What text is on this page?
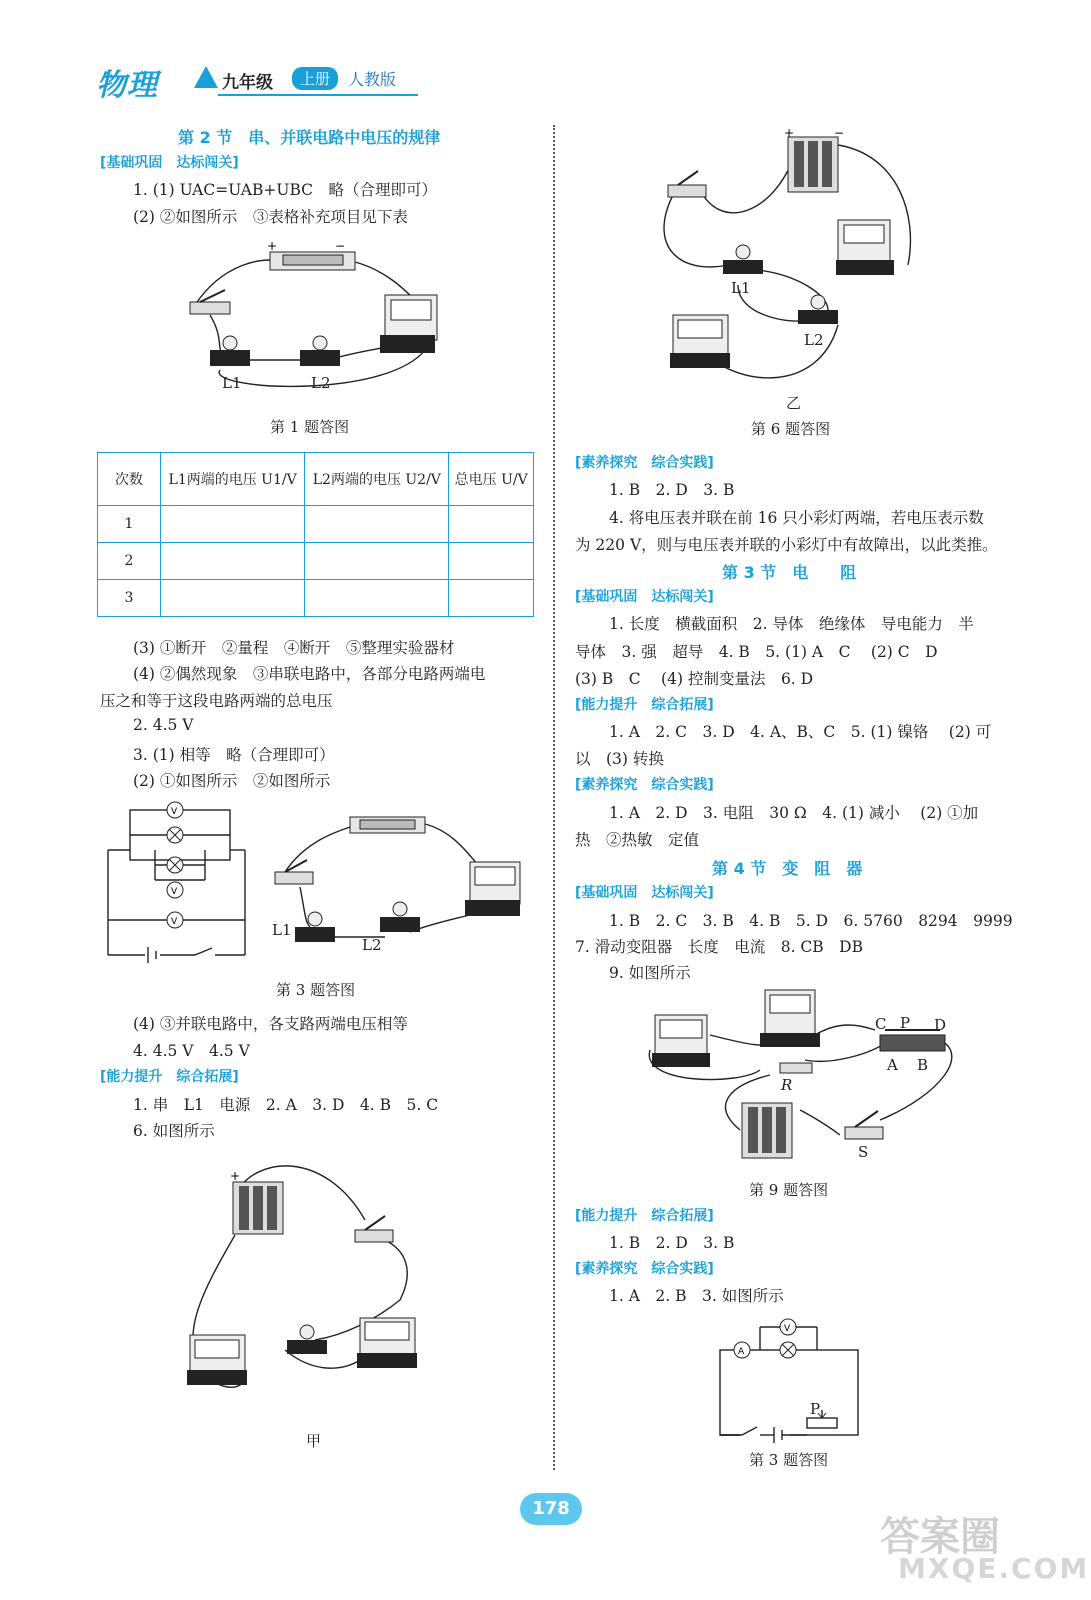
物理	九年级	上册	人教版
第 2 节　串、并联电路中电压的规律
[基础巩固　达标闯关]
1. (1) UAC=UAB+UBC　略（合理即可）
(2) ②如图所示　③表格补充项目见下表
+	−
L1	L2
第 1 题答图
次数	L1两端的电压 U1/V	L2两端的电压 U2/V	总电压 U/V
1			
2			
3			
(3) ①断开　②量程　④断开　⑤整理实验器材
(4) ②偶然现象　③串联电路中，各部分电路两端电
压之和等于这段电路两端的总电压
2. 4.5 V
3. (1) 相等　略（合理即可）
(2) ①如图所示　②如图所示
V
V
V	L1
L2
第 3 题答图
(4) ③并联电路中，各支路两端电压相等
4. 4.5 V　4.5 V
[能力提升　综合拓展]
1. 串　L1　电源　2. A　3. D　4. B　5. C
6. 如图所示
+
甲
+	−
L1
L2
乙
第 6 题答图
[素养探究　综合实践]
1. B　2. D　3. B
4. 将电压表并联在前 16 只小彩灯两端，若电压表示数
为 220 V，则与电压表并联的小彩灯中有故障出，以此类推。
第 3 节　电　　阻
[基础巩固　达标闯关]
1. 长度　横截面积　2. 导体　绝缘体　导电能力　半
导体　3. 强　超导　4. B　5. (1) A　C　 (2) C　D
(3) B　C　 (4) 控制变量法　6. D
[能力提升　综合拓展]
1. A　2. C　3. D　4. A、B、C　5. (1) 镍铬　 (2) 可
以　(3) 转换
[素养探究　综合实践]
1. A　2. D　3. 电阻　30 Ω　4. (1) 减小　 (2) ①加
热　②热敏　定值
第 4 节　变　阻　器
[基础巩固　达标闯关]
1. B　2. C　3. B　4. B　5. D　6. 5760　8294　9999
7. 滑动变阻器　长度　电流　8. CB　DB
9. 如图所示
C P D
A B
R
S
第 9 题答图
[能力提升　综合拓展]
1. B　2. D　3. B
[素养探究　综合实践]
1. A　2. B　3. 如图所示
A
V
P
第 3 题答图
178
答案圈
MXQE.COM
